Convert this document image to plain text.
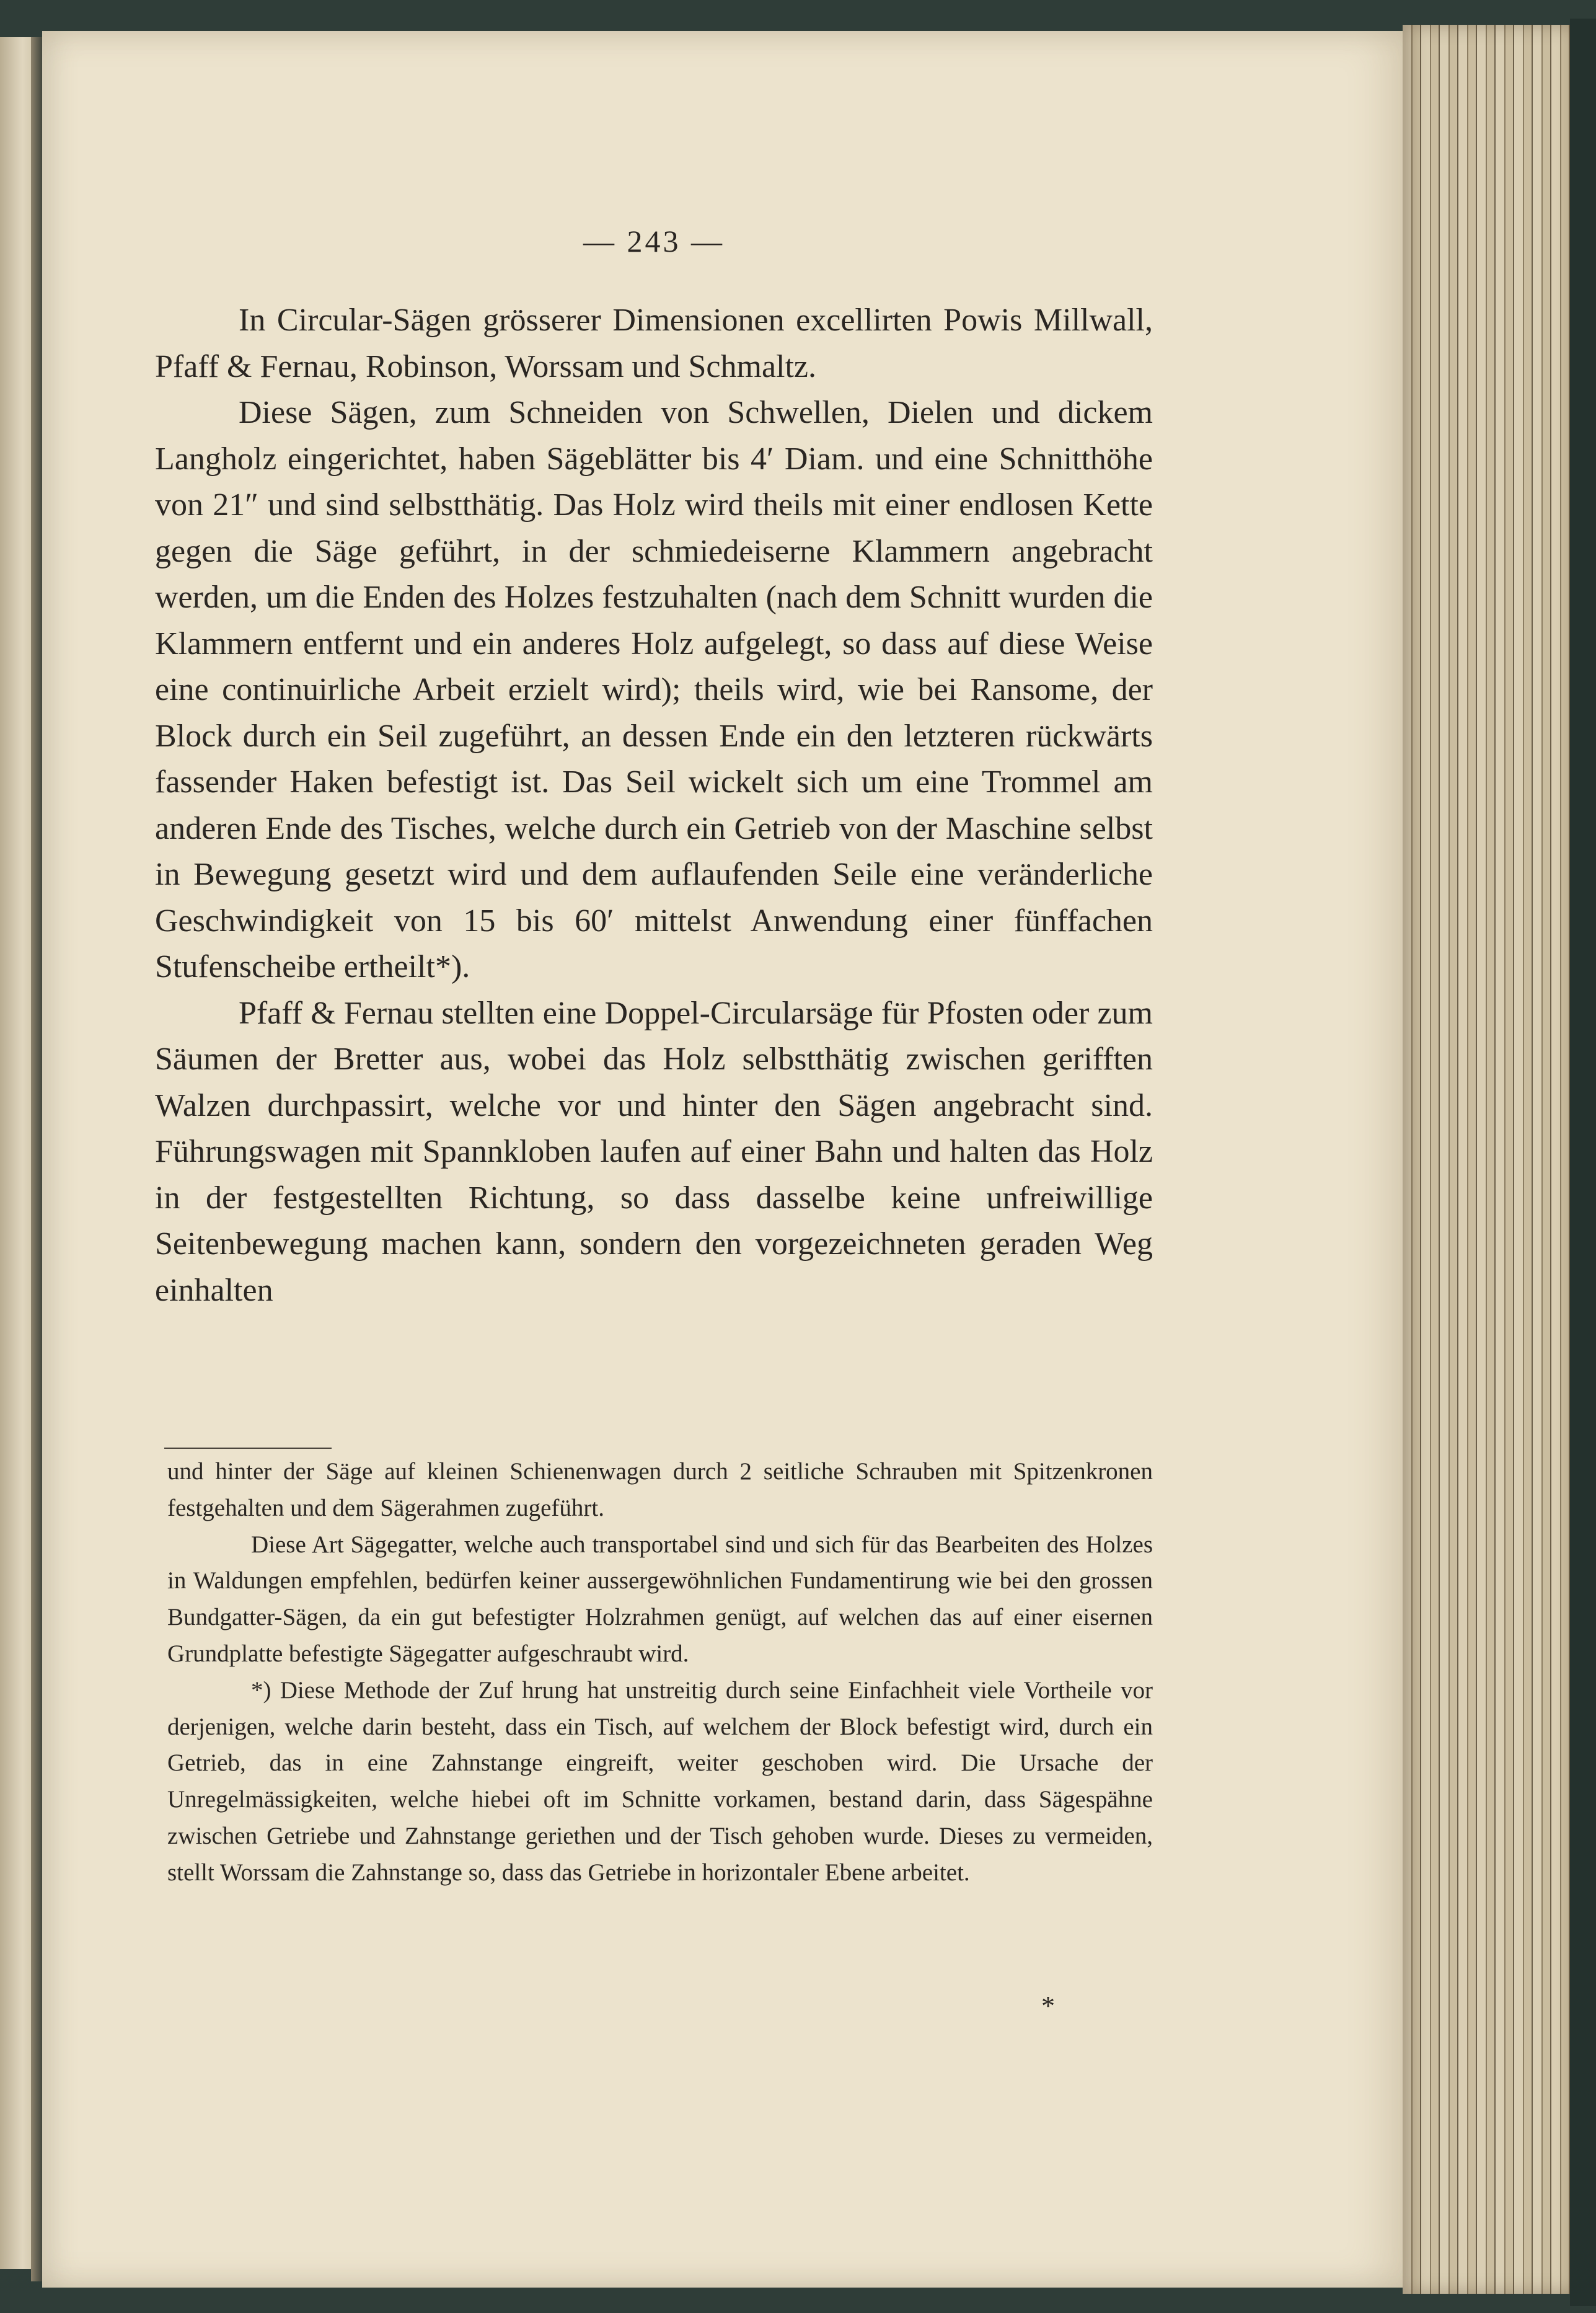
— 243 —

In Circular-Sägen grösserer Dimensionen excellirten Powis Millwall, Pfaff & Fernau, Robinson, Worssam und Schmaltz.

Diese Sägen, zum Schneiden von Schwellen, Dielen und dickem Langholz eingerichtet, haben Sägeblätter bis 4′ Diam. und eine Schnitthöhe von 21″ und sind selbstthätig. Das Holz wird theils mit einer endlosen Kette gegen die Säge geführt, in der schmiedeiserne Klammern angebracht werden, um die Enden des Holzes festzuhalten (nach dem Schnitt wurden die Klammern entfernt und ein anderes Holz aufgelegt, so dass auf diese Weise eine continuirliche Arbeit erzielt wird); theils wird, wie bei Ransome, der Block durch ein Seil zugeführt, an dessen Ende ein den letzteren rückwärts fassender Haken befestigt ist. Das Seil wickelt sich um eine Trommel am anderen Ende des Tisches, welche durch ein Getrieb von der Maschine selbst in Bewegung gesetzt wird und dem auflaufenden Seile eine veränderliche Geschwindigkeit von 15 bis 60′ mittelst Anwendung einer fünffachen Stufenscheibe ertheilt*).

Pfaff & Fernau stellten eine Doppel-Circularsäge für Pfosten oder zum Säumen der Bretter aus, wobei das Holz selbstthätig zwischen gerifften Walzen durchpassirt, welche vor und hinter den Sägen angebracht sind. Führungswagen mit Spannkloben laufen auf einer Bahn und halten das Holz in der festgestellten Richtung, so dass dasselbe keine unfreiwillige Seitenbewegung machen kann, sondern den vorgezeichneten geraden Weg einhalten

und hinter der Säge auf kleinen Schienenwagen durch 2 seitliche Schrauben mit Spitzenkronen festgehalten und dem Sägerahmen zugeführt.

Diese Art Sägegatter, welche auch transportabel sind und sich für das Bearbeiten des Holzes in Waldungen empfehlen, bedürfen keiner aussergewöhnlichen Fundamentirung wie bei den grossen Bundgatter-Sägen, da ein gut befestigter Holzrahmen genügt, auf welchen das auf einer eisernen Grundplatte befestigte Sägegatter aufgeschraubt wird.

*) Diese Methode der Zuf hrung hat unstreitig durch seine Einfachheit viele Vortheile vor derjenigen, welche darin besteht, dass ein Tisch, auf welchem der Block befestigt wird, durch ein Getrieb, das in eine Zahnstange eingreift, weiter geschoben wird. Die Ursache der Unregelmässigkeiten, welche hiebei oft im Schnitte vorkamen, bestand darin, dass Sägespähne zwischen Getriebe und Zahnstange geriethen und der Tisch gehoben wurde. Dieses zu vermeiden, stellt Worssam die Zahnstange so, dass das Getriebe in horizontaler Ebene arbeitet.

*
